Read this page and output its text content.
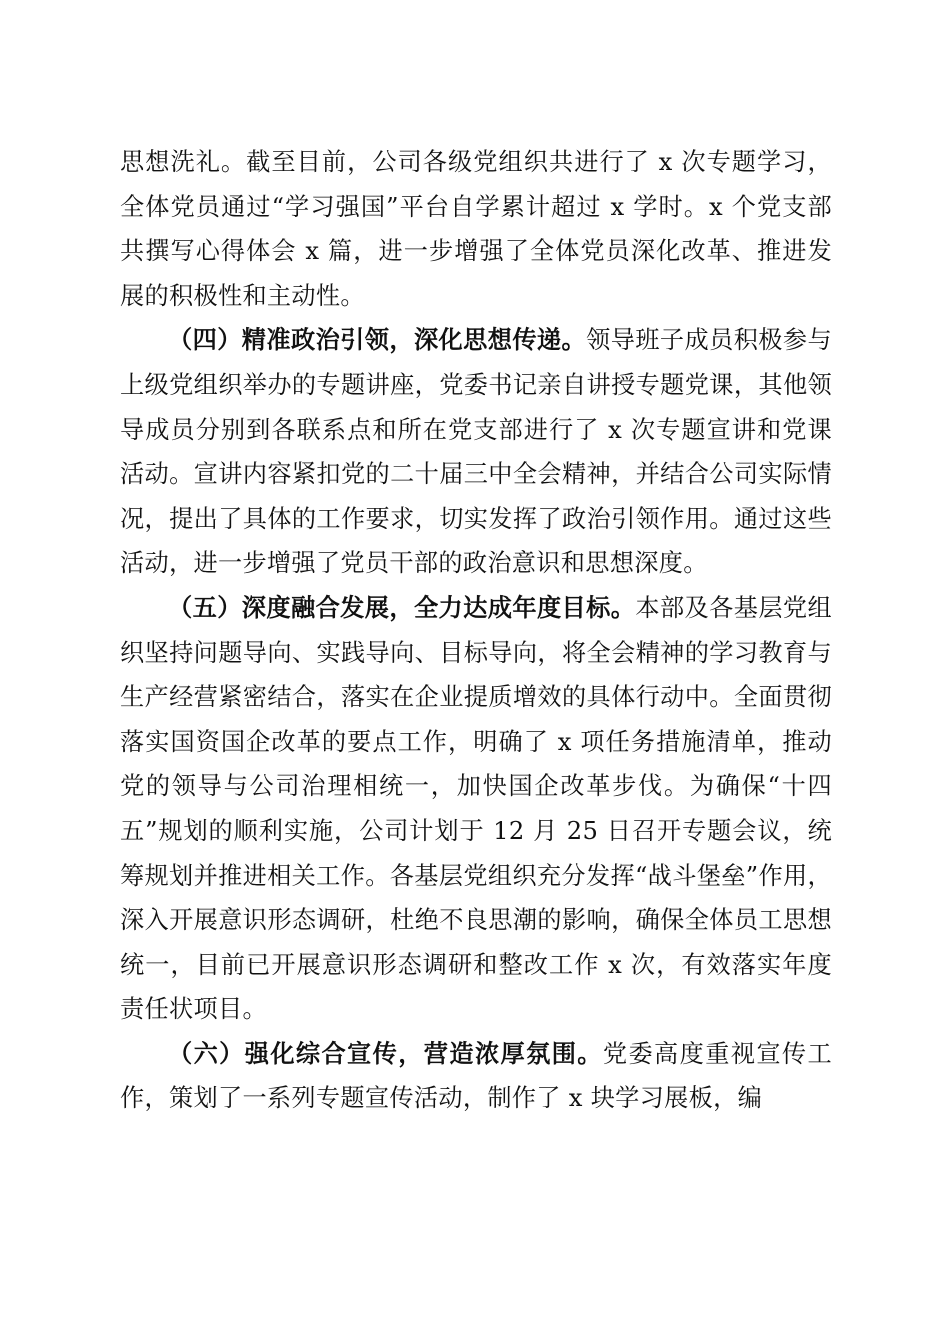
思想洗礼。截至目前，公司各级党组织共进行了 x 次专题学习，全体党员通过“学习强国”平台自学累计超过 x 学时。x 个党支部共撰写心得体会 x 篇，进一步增强了全体党员深化改革、推进发展的积极性和主动性。

（四）精准政治引领，深化思想传递。领导班子成员积极参与上级党组织举办的专题讲座，党委书记亲自讲授专题党课，其他领导成员分别到各联系点和所在党支部进行了 x 次专题宣讲和党课活动。宣讲内容紧扣党的二十届三中全会精神，并结合公司实际情况，提出了具体的工作要求，切实发挥了政治引领作用。通过这些活动，进一步增强了党员干部的政治意识和思想深度。

（五）深度融合发展，全力达成年度目标。本部及各基层党组织坚持问题导向、实践导向、目标导向，将全会精神的学习教育与生产经营紧密结合，落实在企业提质增效的具体行动中。全面贯彻落实国资国企改革的要点工作，明确了 x 项任务措施清单，推动党的领导与公司治理相统一，加快国企改革步伐。为确保“十四五”规划的顺利实施，公司计划于 12 月 25 日召开专题会议，统筹规划并推进相关工作。各基层党组织充分发挥“战斗堡垒”作用，深入开展意识形态调研，杜绝不良思潮的影响，确保全体员工思想统一，目前已开展意识形态调研和整改工作 x 次，有效落实年度责任状项目。

（六）强化综合宣传，营造浓厚氛围。党委高度重视宣传工作，策划了一系列专题宣传活动，制作了 x 块学习展板，编
